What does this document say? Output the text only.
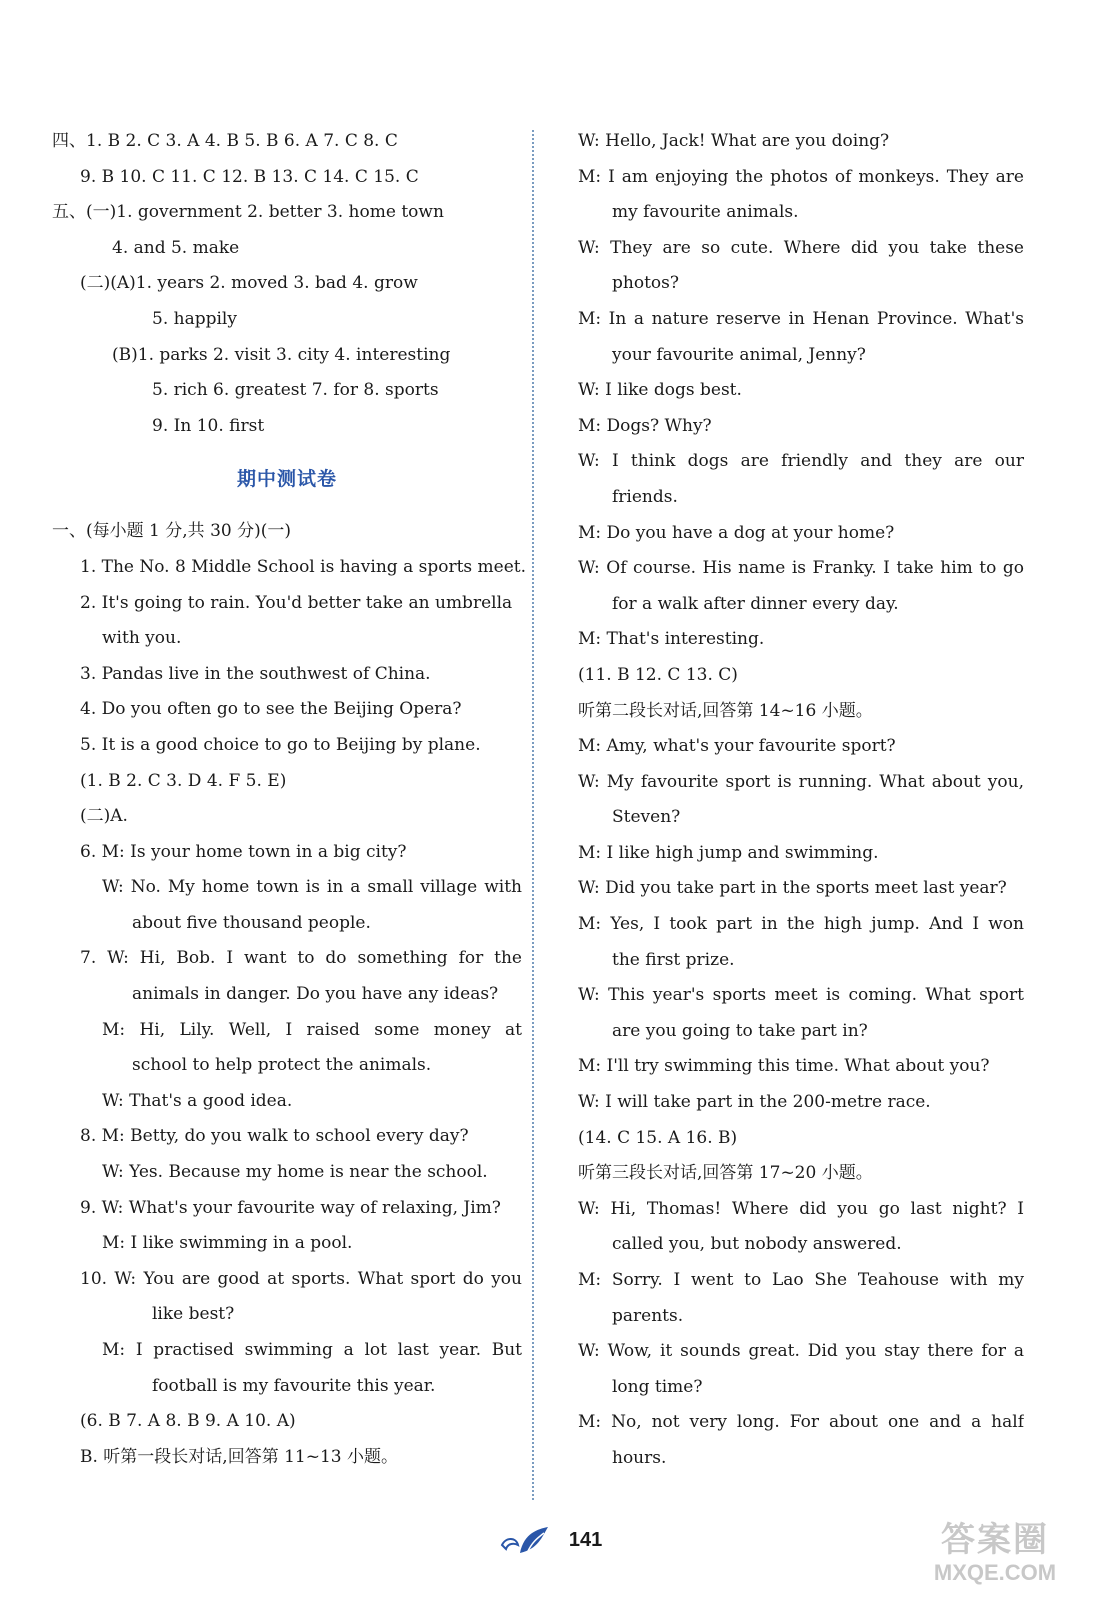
四、1. B 2. C 3. A 4. B 5. B 6. A 7. C 8. C
9. B 10. C 11. C 12. B 13. C 14. C 15. C
五、(一)1. government 2. better 3. home town
4. and 5. make
(二)(A)1. years 2. moved 3. bad 4. grow
5. happily
(B)1. parks 2. visit 3. city 4. interesting
5. rich 6. greatest 7. for 8. sports
9. In 10. first
期中测试卷
一、(每小题 1 分,共 30 分)(一)
1. The No. 8 Middle School is having a sports meet.
2. It's going to rain. You'd better take an umbrella
with you.
3. Pandas live in the southwest of China.
4. Do you often go to see the Beijing Opera?
5. It is a good choice to go to Beijing by plane.
(1. B 2. C 3. D 4. F 5. E)
(二)A.
6. M: Is your home town in a big city?
W: No. My home town is in a small village with
about five thousand people.
7. W: Hi, Bob. I want to do something for the
animals in danger. Do you have any ideas?
M: Hi, Lily. Well, I raised some money at
school to help protect the animals.
W: That's a good idea.
8. M: Betty, do you walk to school every day?
W: Yes. Because my home is near the school.
9. W: What's your favourite way of relaxing, Jim?
M: I like swimming in a pool.
10. W: You are good at sports. What sport do you
like best?
M: I practised swimming a lot last year. But
football is my favourite this year.
(6. B 7. A 8. B 9. A 10. A)
B. 听第一段长对话,回答第 11~13 小题。
W: Hello, Jack! What are you doing?
M: I am enjoying the photos of monkeys. They are
my favourite animals.
W: They are so cute. Where did you take these
photos?
M: In a nature reserve in Henan Province. What's
your favourite animal, Jenny?
W: I like dogs best.
M: Dogs? Why?
W: I think dogs are friendly and they are our
friends.
M: Do you have a dog at your home?
W: Of course. His name is Franky. I take him to go
for a walk after dinner every day.
M: That's interesting.
(11. B 12. C 13. C)
听第二段长对话,回答第 14~16 小题。
M: Amy, what's your favourite sport?
W: My favourite sport is running. What about you,
Steven?
M: I like high jump and swimming.
W: Did you take part in the sports meet last year?
M: Yes, I took part in the high jump. And I won
the first prize.
W: This year's sports meet is coming. What sport
are you going to take part in?
M: I'll try swimming this time. What about you?
W: I will take part in the 200-metre race.
(14. C 15. A 16. B)
听第三段长对话,回答第 17~20 小题。
W: Hi, Thomas! Where did you go last night? I
called you, but nobody answered.
M: Sorry. I went to Lao She Teahouse with my
parents.
W: Wow, it sounds great. Did you stay there for a
long time?
M: No, not very long. For about one and a half
hours.
141	答案圈
MXQE.COM
